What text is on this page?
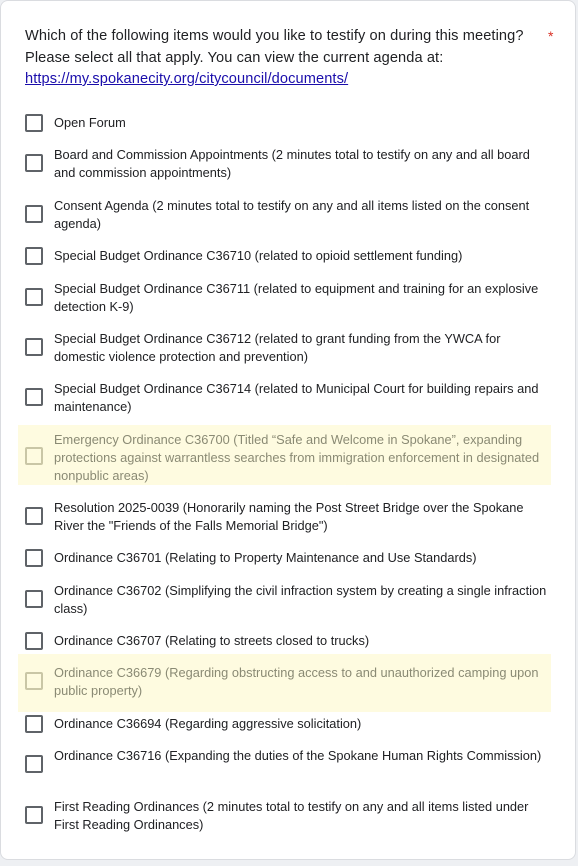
Which of the following items would you like to testify on during this meeting? Please select all that apply. You can view the current agenda at:
https://my.spokanecity.org/citycouncil/documents/
*
Open Forum
Board and Commission Appointments (2 minutes total to testify on any and all board and commission appointments)
Consent Agenda (2 minutes total to testify on any and all items listed on the consent agenda)
Special Budget Ordinance C36710 (related to opioid settlement funding)
Special Budget Ordinance C36711 (related to equipment and training for an explosive detection K-9)
Special Budget Ordinance C36712 (related to grant funding from the YWCA for domestic violence protection and prevention)
Special Budget Ordinance C36714 (related to Municipal Court for building repairs and maintenance)
Emergency Ordinance C36700 (Titled “Safe and Welcome in Spokane”, expanding protections against warrantless searches from immigration enforcement in designated nonpublic areas)
Resolution 2025-0039 (Honorarily naming the Post Street Bridge over the Spokane River the "Friends of the Falls Memorial Bridge")
Ordinance C36701 (Relating to Property Maintenance and Use Standards)
Ordinance C36702 (Simplifying the civil infraction system by creating a single infraction class)
Ordinance C36707 (Relating to streets closed to trucks)
Ordinance C36679 (Regarding obstructing access to and unauthorized camping upon public property)
Ordinance C36694 (Regarding aggressive solicitation)
Ordinance C36716 (Expanding the duties of the Spokane Human Rights Commission)
First Reading Ordinances (2 minutes total to testify on any and all items listed under First Reading Ordinances)
